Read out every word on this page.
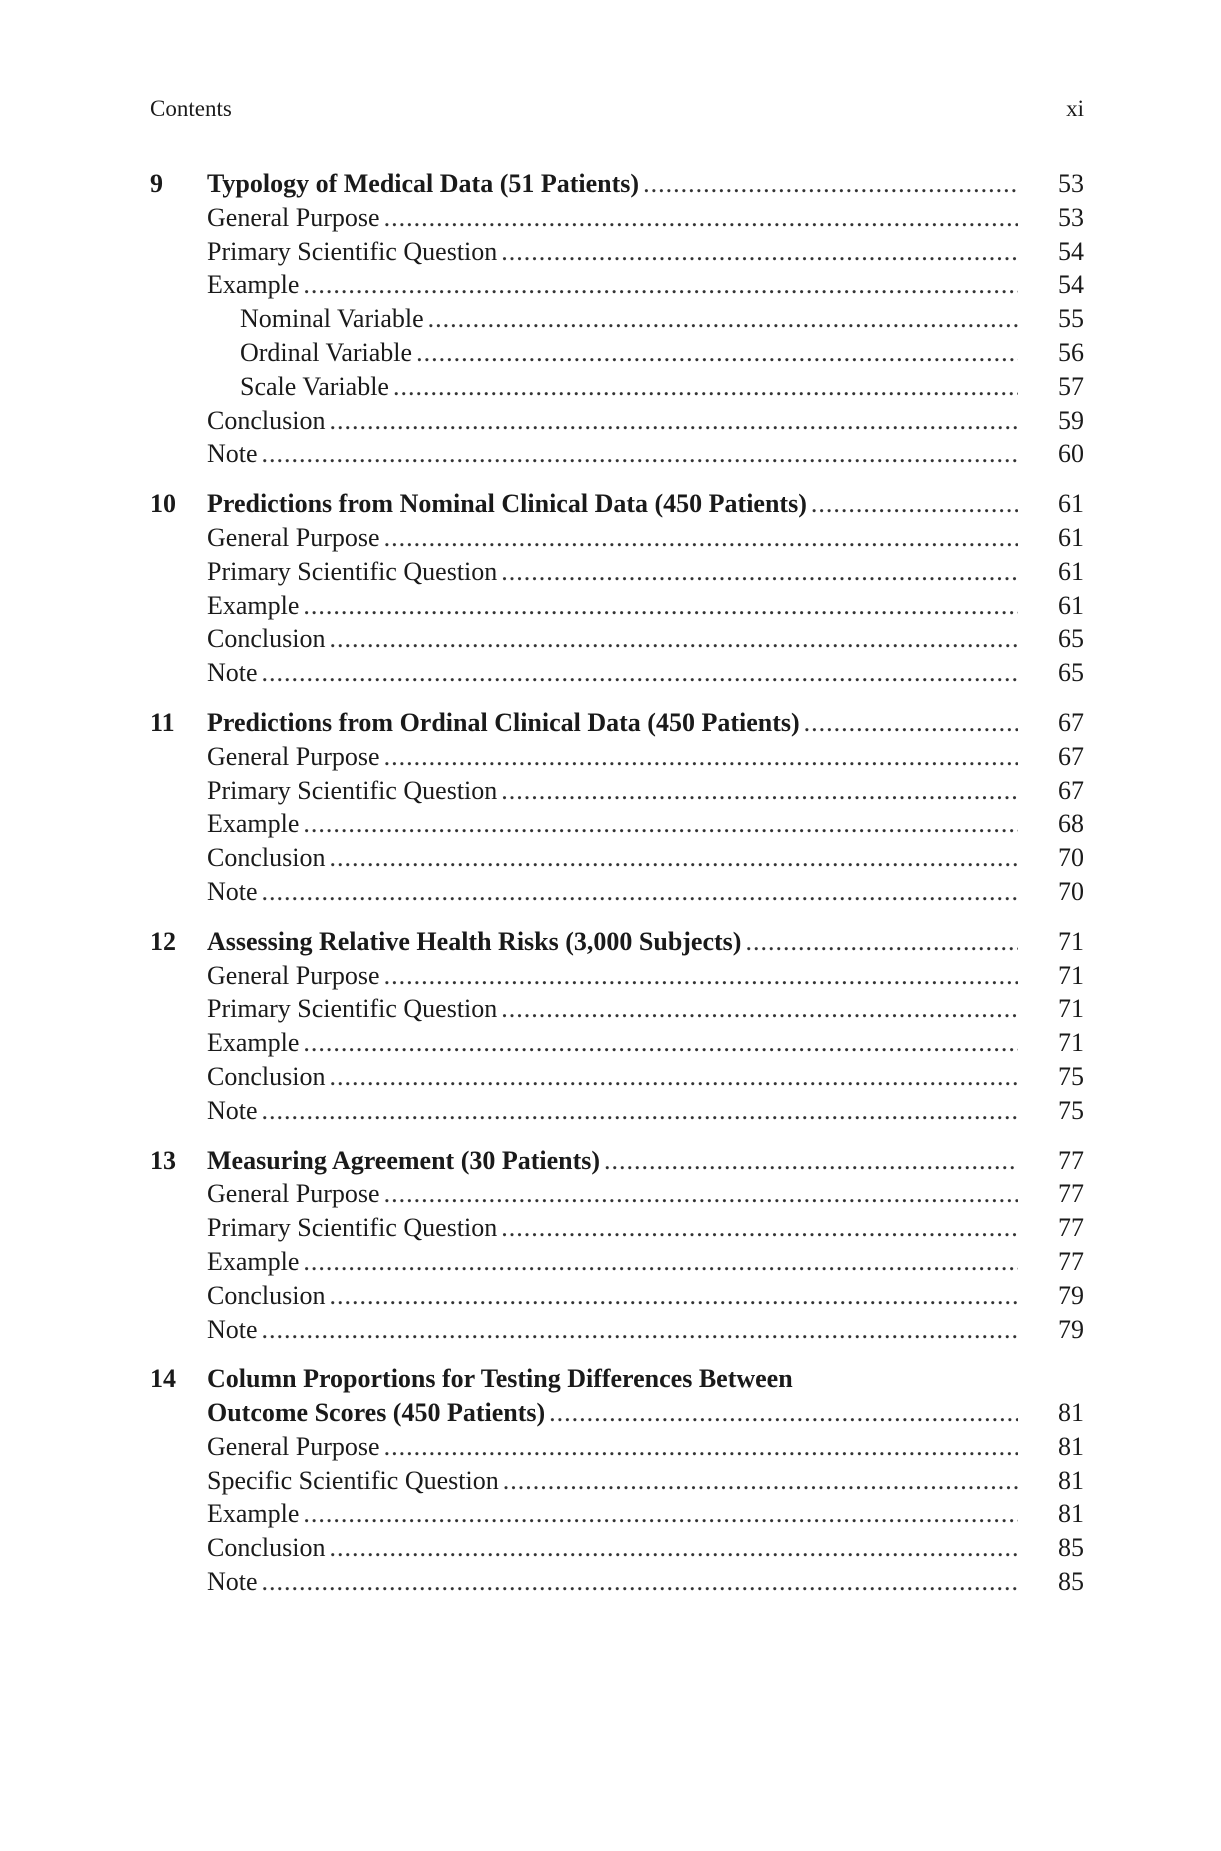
Contents	xi
9 Typology of Medical Data (51 Patients) .....	53
General Purpose .....	53
Primary Scientific Question .....	54
Example .....	54
Nominal Variable .....	55
Ordinal Variable .....	56
Scale Variable .....	57
Conclusion .....	59
Note .....	60
10 Predictions from Nominal Clinical Data (450 Patients) .....	61
General Purpose .....	61
Primary Scientific Question .....	61
Example .....	61
Conclusion .....	65
Note .....	65
11 Predictions from Ordinal Clinical Data (450 Patients) .....	67
General Purpose .....	67
Primary Scientific Question .....	67
Example .....	68
Conclusion .....	70
Note .....	70
12 Assessing Relative Health Risks (3,000 Subjects) .....	71
General Purpose .....	71
Primary Scientific Question .....	71
Example .....	71
Conclusion .....	75
Note .....	75
13 Measuring Agreement (30 Patients) .....	77
General Purpose .....	77
Primary Scientific Question .....	77
Example .....	77
Conclusion .....	79
Note .....	79
14 Column Proportions for Testing Differences Between
Outcome Scores (450 Patients) .....	81
General Purpose .....	81
Specific Scientific Question .....	81
Example .....	81
Conclusion .....	85
Note .....	85
